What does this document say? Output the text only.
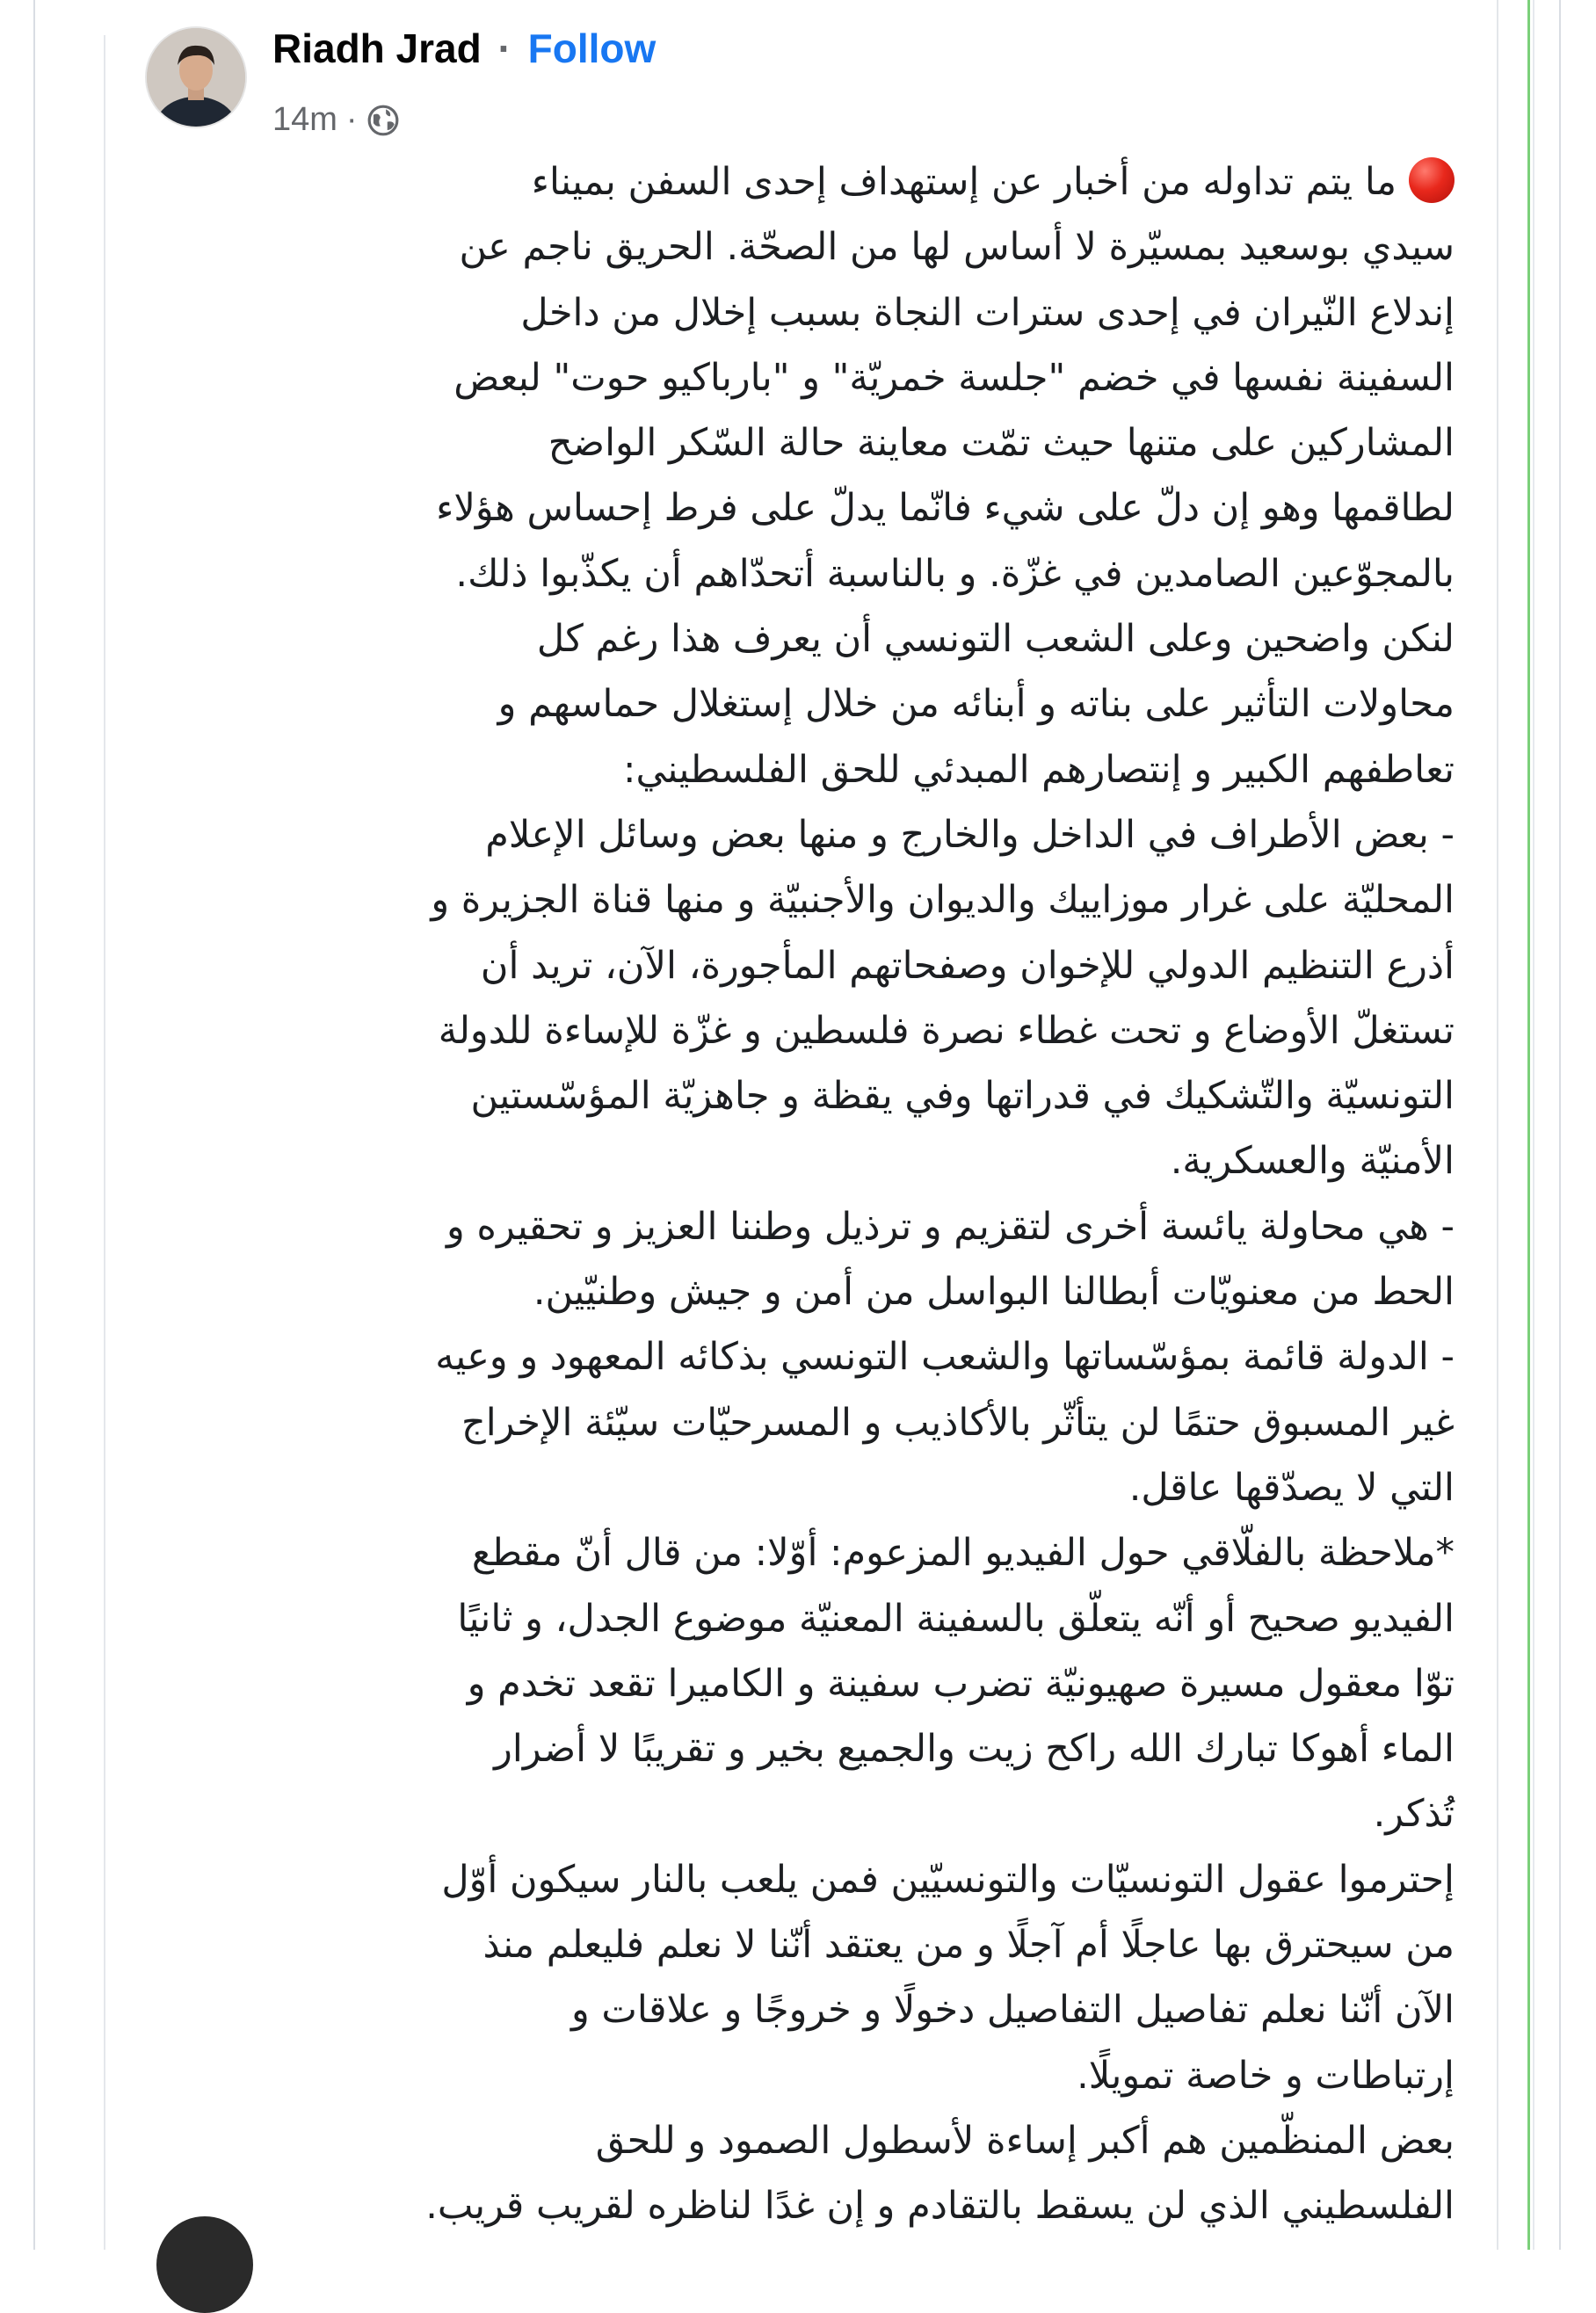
Riadh Jrad · Follow
14m ·
ما يتم تداوله من أخبار عن إستهداف إحدى السفن بميناء
سيدي بوسعيد بمسيّرة لا أساس لها من الصحّة. الحريق ناجم عن
إندلاع النّيران في إحدى سترات النجاة بسبب إخلال من داخل
السفينة نفسها في خضم "جلسة خمريّة" و "بارباكيو حوت" لبعض
المشاركين على متنها حيث تمّت معاينة حالة السّكر الواضح
لطاقمها وهو إن دلّ على شيء فانّما يدلّ على فرط إحساس هؤلاء
بالمجوّعين الصامدين في غزّة. و بالناسبة أتحدّاهم أن يكذّبوا ذلك.
لنكن واضحين وعلى الشعب التونسي أن يعرف هذا رغم كل
محاولات التأثير على بناته و أبنائه من خلال إستغلال حماسهم و
تعاطفهم الكبير و إنتصارهم المبدئي للحق الفلسطيني:
- بعض الأطراف في الداخل والخارج و منها بعض وسائل الإعلام
المحليّة على غرار موزاييك والديوان والأجنبيّة و منها قناة الجزيرة و
أذرع التنظيم الدولي للإخوان وصفحاتهم المأجورة، الآن، تريد أن
تستغلّ الأوضاع و تحت غطاء نصرة فلسطين و غزّة للإساءة للدولة
التونسيّة والتّشكيك في قدراتها وفي يقظة و جاهزيّة المؤسّستين
الأمنيّة والعسكرية.
- هي محاولة يائسة أخرى لتقزيم و ترذيل وطننا العزيز و تحقيره و
الحط من معنويّات أبطالنا البواسل من أمن و جيش وطنيّين.
- الدولة قائمة بمؤسّساتها والشعب التونسي بذكائه المعهود و وعيه
غير المسبوق حتمًا لن يتأثّر بالأكاذيب و المسرحيّات سيّئة الإخراج
التي لا يصدّقها عاقل.
*ملاحظة بالفلّاقي حول الفيديو المزعوم: أوّلا: من قال أنّ مقطع
الفيديو صحيح أو أنّه يتعلّق بالسفينة المعنيّة موضوع الجدل، و ثانيًا
توّا معقول مسيرة صهيونيّة تضرب سفينة و الكاميرا تقعد تخدم و
الماء أهوكا تبارك الله راكح زيت والجميع بخير و تقريبًا لا أضرار
تُذكر.
إحترموا عقول التونسيّات والتونسيّين فمن يلعب بالنار سيكون أوّل
من سيحترق بها عاجلًا أم آجلًا و من يعتقد أنّنا لا نعلم فليعلم منذ
الآن أنّنا نعلم تفاصيل التفاصيل دخولًا و خروجًا و علاقات و
إرتباطات و خاصة تمويلًا.
بعض المنظّمين هم أكبر إساءة لأسطول الصمود و للحق
الفلسطيني الذي لن يسقط بالتقادم و إن غدًا لناظره لقريب قريب.
